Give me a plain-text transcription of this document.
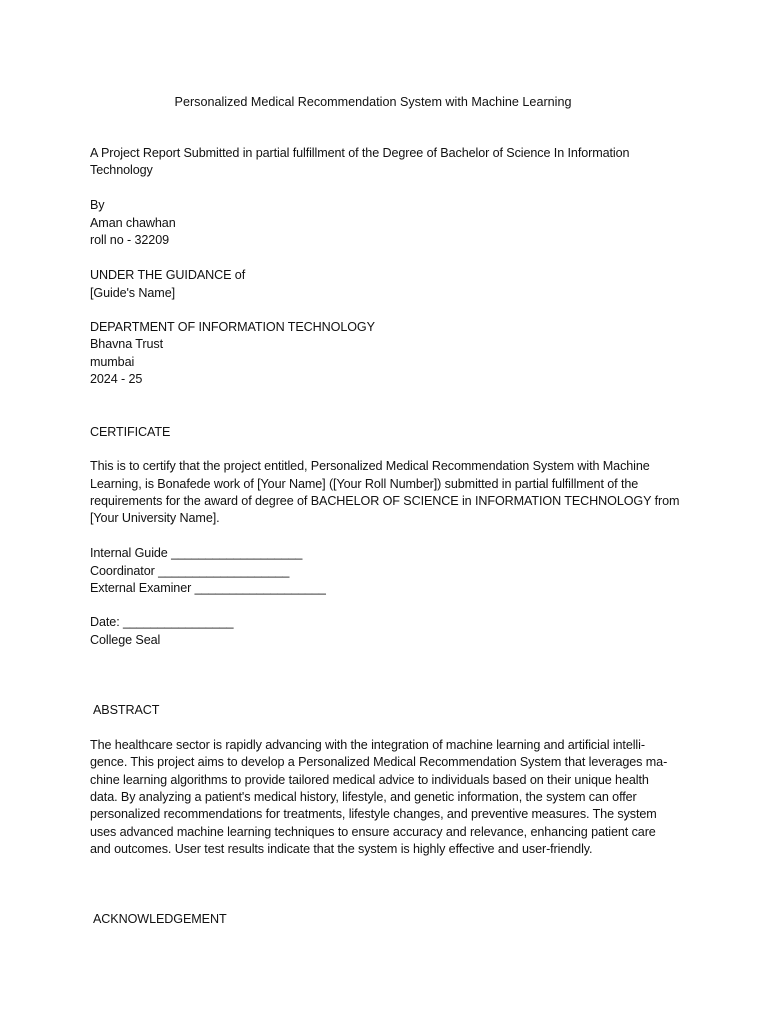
Personalized Medical Recommendation System with Machine Learning
A Project Report Submitted in partial fulfillment of the Degree of Bachelor of Science In Information
Technology
By
Aman chawhan
roll no - 32209
UNDER THE GUIDANCE of
[Guide's Name]
DEPARTMENT OF INFORMATION TECHNOLOGY
Bhavna Trust
mumbai
2024 - 25
CERTIFICATE
This is to certify that the project entitled, Personalized Medical Recommendation System with Machine
Learning, is Bonafede work of [Your Name] ([Your Roll Number]) submitted in partial fulfillment of the
requirements for the award of degree of BACHELOR OF SCIENCE in INFORMATION TECHNOLOGY from
[Your University Name].
Internal Guide ___________________
Coordinator ___________________
External Examiner ___________________
Date: ________________
College Seal
ABSTRACT
The healthcare sector is rapidly advancing with the integration of machine learning and artificial intelli-
gence. This project aims to develop a Personalized Medical Recommendation System that leverages ma-
chine learning algorithms to provide tailored medical advice to individuals based on their unique health
data. By analyzing a patient's medical history, lifestyle, and genetic information, the system can offer
personalized recommendations for treatments, lifestyle changes, and preventive measures. The system
uses advanced machine learning techniques to ensure accuracy and relevance, enhancing patient care
and outcomes. User test results indicate that the system is highly effective and user-friendly.
ACKNOWLEDGEMENT
